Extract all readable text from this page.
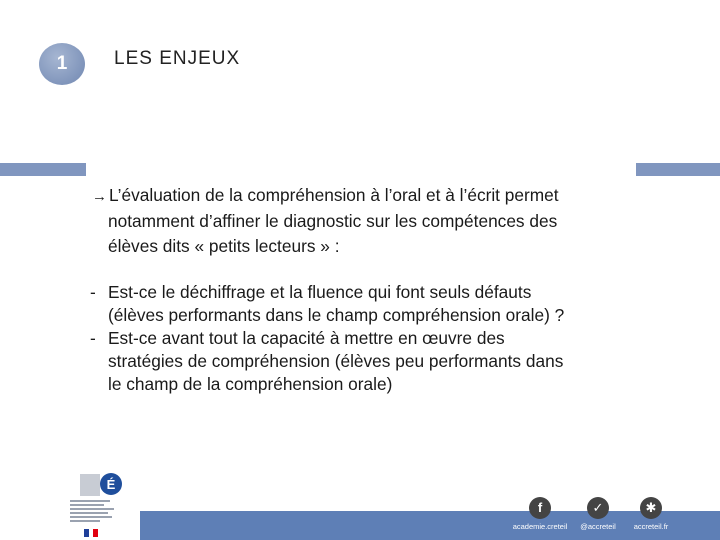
1	LES ENJEUX
→ L’évaluation de la compréhension à l’oral et à l’écrit permet
notamment d’affiner le diagnostic sur les compétences des
élèves dits « petits lecteurs » :
- Est-ce le déchiffrage et la fluence qui font seuls défauts
(élèves performants dans le champ compréhension orale) ?
- Est-ce avant tout la capacité à mettre en œuvre des
stratégies de compréhension (élèves peu performants dans
le champ de la compréhension orale)
É
f
academie.creteil
✓
@accreteil
✱
accreteil.fr
